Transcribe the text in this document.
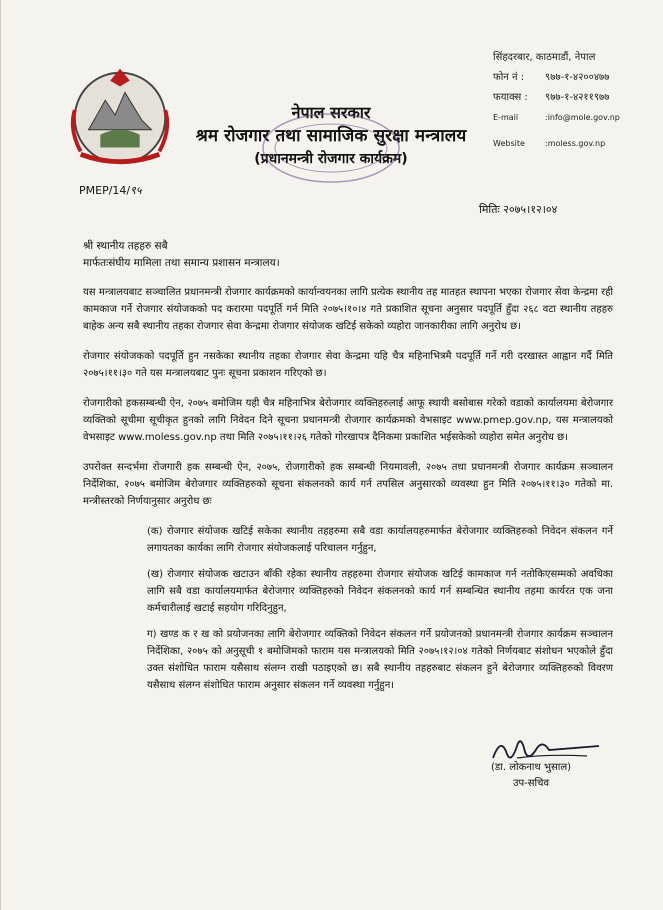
नेपाल सरकार
श्रम रोजगार तथा सामाजिक सुरक्षा मन्त्रालय
(प्रधानमन्त्री रोजगार कार्यक्रम)
सिंहदरबार, काठमाडौं, नेपाल
फोन नं :	९७७-१-४२००४७७
फयाक्स :	९७७-१-४२११९७७
E-mail	:info@mole.gov.np
Website	:moless.gov.np
PMEP/14/९५
मितिः २०७५।१२।०४
श्री स्थानीय तहहरु सबै
मार्फतःसंघीय मामिला तथा समान्य प्रशासन मन्त्रालय।

यस मन्त्रालयबाट सञ्चालित प्रधानमन्त्री रोजगार कार्यक्रमको कार्यान्वयनका लागि प्रत्येक स्थानीय तह मातहत स्थापना भएका रोजगार सेवा केन्द्रमा रही कामकाज गर्ने रोजगार संयोजकको पद करारमा पदपूर्ति गर्न मिति २०७५।१०।४ गते प्रकाशित सूचना अनुसार पदपूर्ति हुँदा २६८ वटा स्थानीय तहहरु बाहेक अन्य सबै स्थानीय तहका रोजगार सेवा केन्द्रमा रोजगार संयोजक खटिई सकेको व्यहोरा जानकारीका लागि अनुरोध छ।

रोजगार संयोजकको पदपूर्ति हुन नसकेका स्थानीय तहका रोजगार सेवा केन्द्रमा यहि चैत्र महिनाभित्रमै पदपूर्ति गर्ने गरी दरखास्त आह्वान गर्दै मिति २०७५।११।३० गते यस मन्त्रालयबाट पुनः सूचना प्रकाशन गरिएको छ।

रोजगारीको हकसम्बन्धी ऐन, २०७५ बमोजिम यही चैत्र महिनाभित्र बेरोजगार व्यक्तिहरुलाई आफू स्थायी बसोबास गरेको वडाको कार्यालयमा बेरोजगार व्यक्तिको सूचीमा सूचीकृत हुनको लागि निवेदन दिने सूचना प्रधानमन्त्री रोजगार कार्यक्रमको वेभसाइट www.pmep.gov.np, यस मन्त्रालयको वेभसाइट www.moless.gov.np तथा मिति २०७५।११।२६ गतेको गोरखापत्र दैनिकमा प्रकाशित भईसकेको व्यहोरा समेत अनुरोध छ।

उपरोक्त सन्दर्भमा रोजगारी हक सम्बन्धी ऐन, २०७५, रोजगारीको हक सम्बन्धी नियमावली, २०७५ तथा प्रधानमन्त्री रोजगार कार्यक्रम सञ्चालन निर्देशिका, २०७५ बमोजिम बेरोजगार व्यक्तिहरुको सूचना संकलनको कार्य गर्न तपसिल अनुसारको व्यवस्था हुन मिति २०७५।११।३० गतेको मा. मन्त्रीस्तरको निर्णयानुसार अनुरोध छः

(क) रोजगार संयोजक खटिई सकेका स्थानीय तहहरुमा सबै वडा कार्यालयहरुमार्फत बेरोजगार व्यक्तिहरुको निवेदन संकलन गर्ने लगायतका कार्यका लागि रोजगार संयोजकलाई परिचालन गर्नुहुन,

(ख) रोजगार संयोजक खटाउन बाँकी रहेका स्थानीय तहहरुमा रोजगार संयोजक खटिई कामकाज गर्न नतोकिएसम्मको अवधिका लागि सबै वडा कार्यालयमार्फत बेरोजगार व्यक्तिहरुको निवेदन संकलनको कार्य गर्न सम्बन्धित स्थानीय तहमा कार्यरत एक जना कर्मचारीलाई खटाई सहयोग गरिदिनुहुन,

ग) खण्ड क र ख को प्रयोजनका लागि बेरोजगार व्यक्तिको निवेदन संकलन गर्ने प्रयोजनको प्रधानमन्त्री रोजगार कार्यक्रम सञ्चालन निर्देशिका, २०७५ को अनुसूची १ बमोजिमको फाराम यस मन्त्रालयको मिति २०७५।१२।०४ गतेको निर्णयबाट संशोधन भएकोले हुँदा उक्त संशोधित फाराम यसैसाथ संलग्न राखी पठाइएको छ। सबै स्थानीय तहहरुबाट संकलन हुने बेरोजगार व्यक्तिहरुको विवरण यसैसाथ संलग्न संशोधित फाराम अनुसार संकलन गर्ने व्यवस्था गर्नुहुन।

(डा. लोकनाथ भुसाल)
उप-सचिव
